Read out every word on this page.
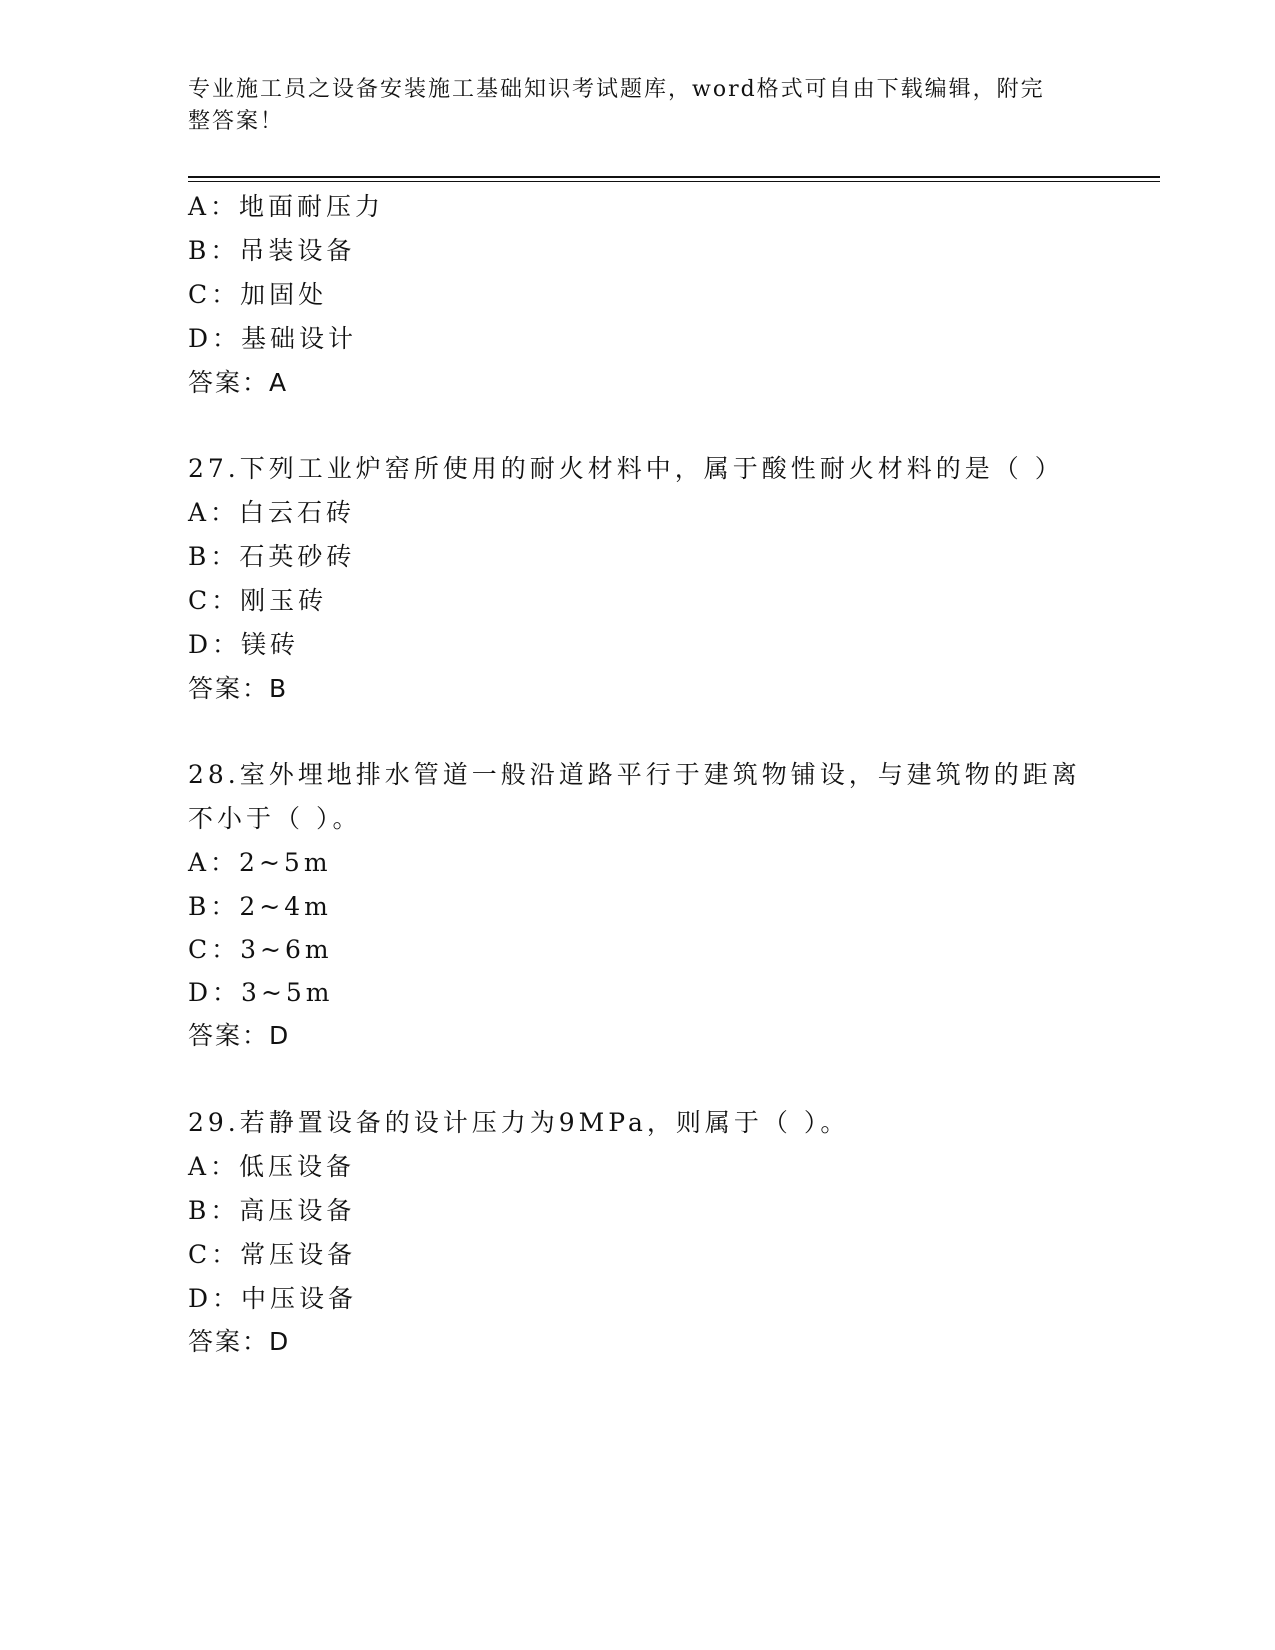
专业施工员之设备安装施工基础知识考试题库，word格式可自由下载编辑，附完
整答案！
A：地面耐压力
B：吊装设备
C：加固处
D：基础设计
答案：A
27.下列工业炉窑所使用的耐火材料中，属于酸性耐火材料的是（ ）
A：白云石砖
B：石英砂砖
C：刚玉砖
D：镁砖
答案：B
28.室外埋地排水管道一般沿道路平行于建筑物铺设，与建筑物的距离
不小于（ ）。
A：2~5m
B：2~4m
C：3~6m
D：3~5m
答案：D
29.若静置设备的设计压力为9MPa，则属于（ ）。
A：低压设备
B：高压设备
C：常压设备
D：中压设备
答案：D
